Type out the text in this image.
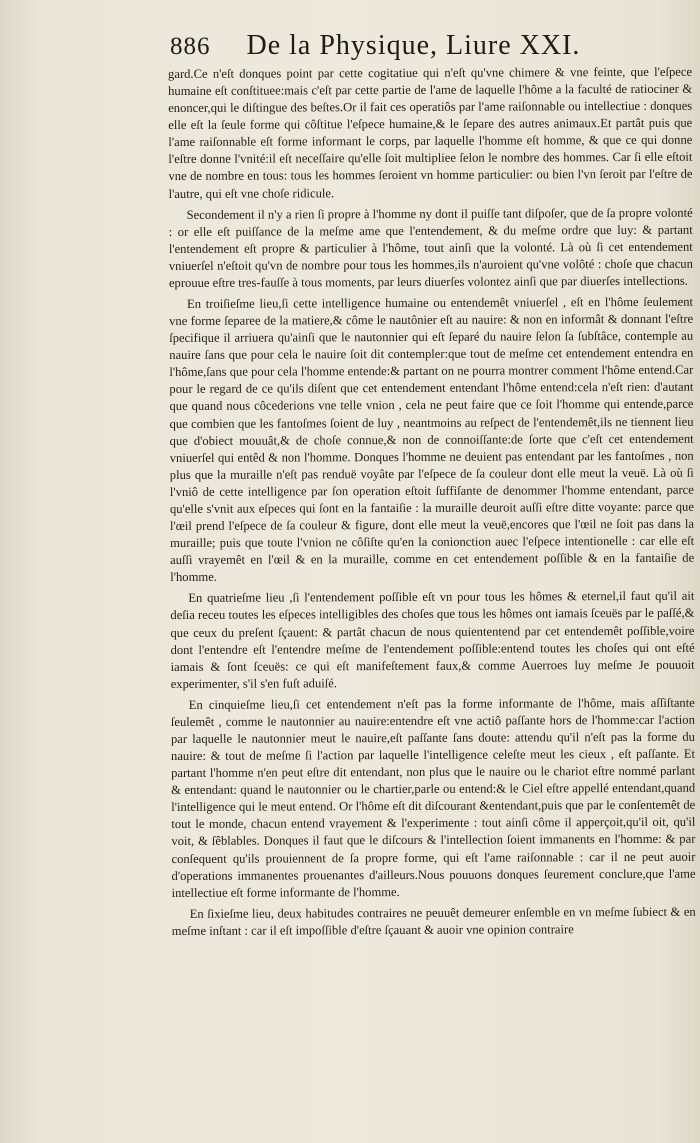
886 De la Physique, Liure XXI.

gard.Ce n'eſt donques point par cette cogitatiue qui n'eſt qu'vne chimere & vne feinte, que l'eſpece humaine eſt conſtituee:mais c'eſt par cette partie de l'ame de laquelle l'hôme a la faculté de ratiociner & enoncer,qui le diſtingue des beſtes.Or il fait ces operatiôs par l'ame raiſonnable ou intellectiue : donques elle eſt la ſeule forme qui côſtitue l'eſpece humaine,& le ſepare des autres animaux.Et partât puis que l'ame raiſonnable eſt forme informant le corps, par laquelle l'homme eſt homme, & que ce qui donne l'eſtre donne l'vnité:il eſt neceſſaire qu'elle ſoit multipliee ſelon le nombre des hommes. Car ſi elle eſtoit vne de nombre en tous: tous les hommes ſeroient vn homme particulier: ou bien l'vn ſeroit par l'eſtre de l'autre, qui eſt vne choſe ridicule.

Secondement il n'y a rien ſi propre à l'homme ny dont il puiſſe tant diſpoſer, que de ſa propre volonté : or elle eſt puiſſance de la meſme ame que l'entendement, & du meſme ordre que luy: & partant l'entendement eſt propre & particulier à l'hôme, tout ainſi que la volonté. Là où ſi cet entendement vniuerſel n'eſtoit qu'vn de nombre pour tous les hommes,ils n'auroient qu'vne volôté : choſe que chacun eprouue eſtre tres-fauſſe à tous moments, par leurs diuerſes volontez ainſi que par diuerſes intellections.

En troiſieſme lieu,ſi cette intelligence humaine ou entendemêt vniuerſel , eſt en l'hôme ſeulement vne forme ſeparee de la matiere,& côme le nautônier eſt au nauire: & non en informât & donnant l'eſtre ſpecifique il arriuera qu'ainſi que le nautonnier qui eſt ſeparé du nauire ſelon ſa ſubſtâce, contemple au nauire ſans que pour cela le nauire ſoit dit contempler:que tout de meſme cet entendement entendra en l'hôme,ſans que pour cela l'homme entende:& partant on ne pourra montrer comment l'hôme entend.Car pour le regard de ce qu'ils diſent que cet entendement entendant l'hôme entend:cela n'eſt rien: d'autant que quand nous côcederions vne telle vnion , cela ne peut faire que ce ſoit l'homme qui entende,parce que combien que les fantoſmes ſoient de luy , neantmoins au reſpect de l'entendemêt,ils ne tiennent lieu que d'obiect mouuât,& de choſe connue,& non de connoiſſante:de ſorte que c'eſt cet entendement vniuerſel qui entêd & non l'homme. Donques l'homme ne deuient pas entendant par les fantoſmes , non plus que la muraille n'eſt pas renduë voyâte par l'eſpece de ſa couleur dont elle meut la veuë. Là où ſi l'vniô de cette intelligence par ſon operation eſtoit ſuffiſante de denommer l'homme entendant, parce qu'elle s'vnit aux eſpeces qui ſont en la fantaiſie : la muraille deuroit auſſi eſtre ditte voyante: parce que l'œil prend l'eſpece de ſa couleur & figure, dont elle meut la veuë,encores que l'œil ne ſoit pas dans la muraille; puis que toute l'vnion ne côſiſte qu'en la conionction auec l'eſpece intentionelle : car elle eſt auſſi vrayemêt en l'œil & en la muraille, comme en cet entendement poſſible & en la fantaiſie de l'homme.

En quatrieſme lieu ,ſi l'entendement poſſible eſt vn pour tous les hômes & eternel,il faut qu'il ait deſia receu toutes les eſpeces intelligibles des choſes que tous les hômes ont iamais ſceuës par le paſſé,& que ceux du preſent ſçauent: & partât chacun de nous quiententend par cet entendemêt poſſible,voire dont l'entendre eſt l'entendre meſme de l'entendement poſſible:entend toutes les choſes qui ont eſté iamais & ſont ſceuës: ce qui eſt manifeſtement faux,& comme Auerroes luy meſme Je pouuoit experimenter, s'il s'en fuſt aduiſé.

En cinquieſme lieu,ſi cet entendement n'eſt pas la forme informante de l'hôme, mais aſſiſtante ſeulemêt , comme le nautonnier au nauire:entendre eſt vne actiô paſſante hors de l'homme:car l'action par laquelle le nautonnier meut le nauire,eſt paſſante ſans doute: attendu qu'il n'eſt pas la forme du nauire: & tout de meſme ſi l'action par laquelle l'intelligence celeſte meut les cieux , eſt paſſante. Et partant l'homme n'en peut eſtre dit entendant, non plus que le nauire ou le chariot eſtre nommé parlant & entendant: quand le nautonnier ou le chartier,parle ou entend:& le Ciel eſtre appellé entendant,quand l'intelligence qui le meut entend. Or l'hôme eſt dit diſcourant &entendant,puis que par le conſentemêt de tout le monde, chacun entend vrayement & l'experimente : tout ainſi côme il apperçoit,qu'il oit, qu'il voit, & ſêblables. Donques il faut que le diſcours & l'intellection ſoient immanents en l'homme: & par conſequent qu'ils prouiennent de ſa propre forme, qui eſt l'ame raiſonnable : car il ne peut auoir d'operations immanentes prouenantes d'ailleurs.Nous pouuons donques ſeurement conclure,que l'ame intellectiue eſt forme informante de l'homme.

En ſixieſme lieu, deux habitudes contraires ne peuuêt demeurer enſemble en vn meſme ſubiect & en meſme inſtant : car il eſt impoſſible d'eſtre ſçauant & auoir vne opinion contraire
